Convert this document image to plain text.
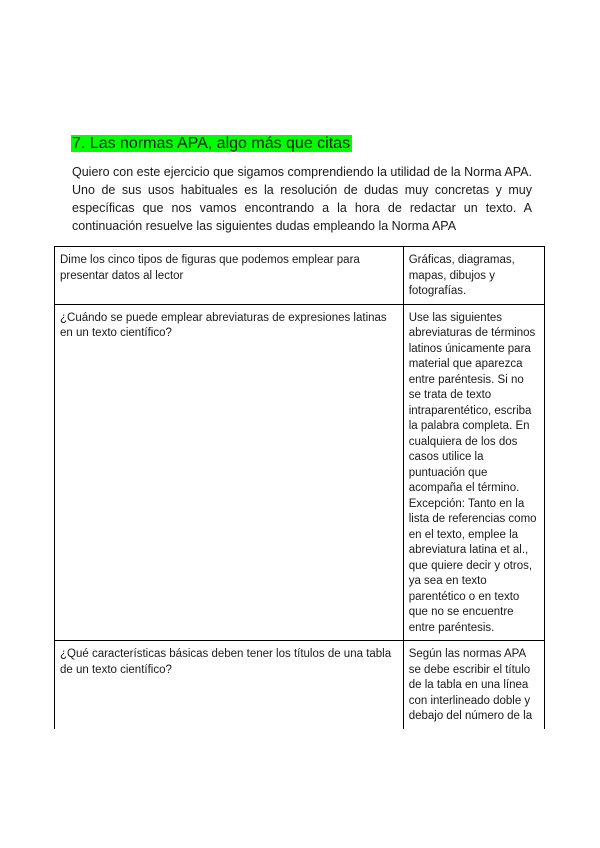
7. Las normas APA, algo más que citas
Quiero con este ejercicio que sigamos comprendiendo la utilidad de la Norma APA. Uno de sus usos habituales es la resolución de dudas muy concretas y muy específicas que nos vamos encontrando a la hora de redactar un texto. A continuación resuelve las siguientes dudas empleando la Norma APA
Dime los cinco tipos de figuras que podemos emplear para presentar datos al lector	Gráficas, diagramas, mapas, dibujos y fotografías.
¿Cuándo se puede emplear abreviaturas de expresiones latinas en un texto científico?	Use las siguientes abreviaturas de términos latinos únicamente para material que aparezca entre paréntesis. Si no se trata de texto intraparentético, escriba la palabra completa. En cualquiera de los dos casos utilice la puntuación que acompaña el término. Excepción: Tanto en la lista de referencias como en el texto, emplee la abreviatura latina et al., que quiere decir y otros, ya sea en texto parentético o en texto que no se encuentre entre paréntesis.
¿Qué características básicas deben tener los títulos de una tabla de un texto científico?	Según las normas APA se debe escribir el título de la tabla en una línea con interlineado doble y debajo del número de la
